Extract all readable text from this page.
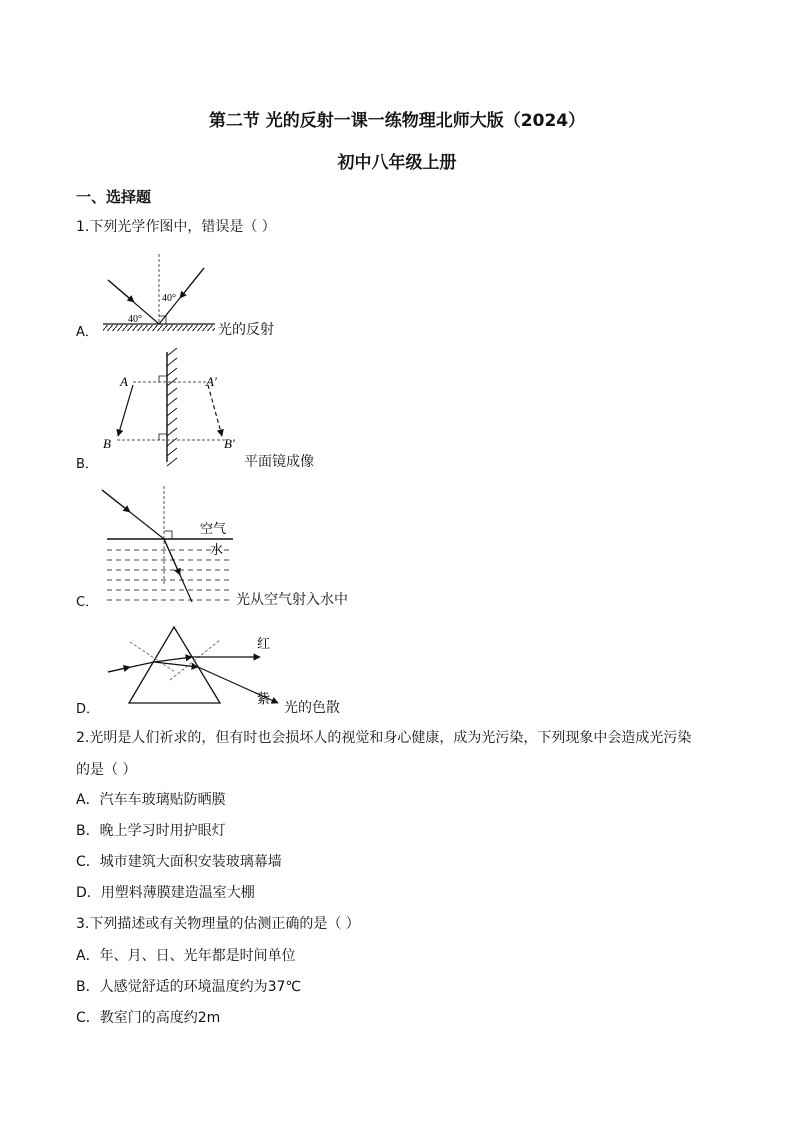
第二节 光的反射一课一练物理北师大版（2024）
初中八年级上册
一、选择题
1.下列光学作图中，错误是（ ）
A．
40°
40°
光的反射
B．
A	A′
B	B′
平面镜成像
C．
空气
水
光从空气射入水中
D．
红
紫
光的色散
2.光明是人们祈求的，但有时也会损坏人的视觉和身心健康，成为光污染，下列现象中会造成光污染
的是（ ）
A．汽车车玻璃贴防晒膜
B．晚上学习时用护眼灯
C．城市建筑大面积安装玻璃幕墙
D．用塑料薄膜建造温室大棚
3.下列描述或有关物理量的估测正确的是（ ）
A．年、月、日、光年都是时间单位
B．人感觉舒适的环境温度约为37℃
C．教室门的高度约2m
